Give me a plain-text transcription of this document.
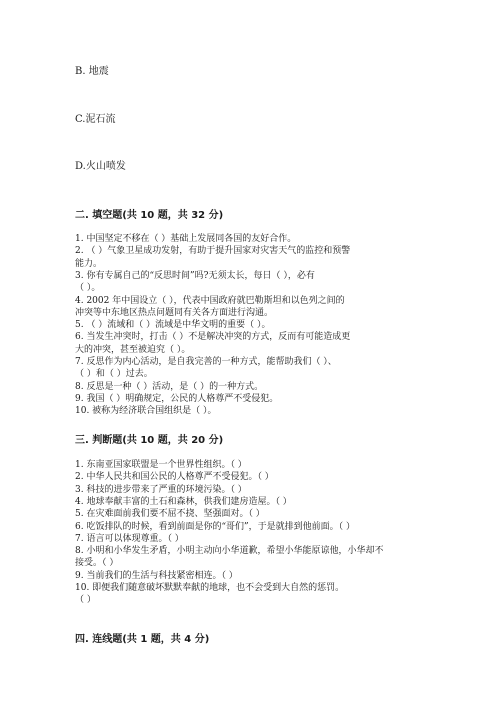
B. 地震
C.泥石流
D.火山喷发
二. 填空题(共 10 题，共 32 分)
1. 中国坚定不移在（ ）基础上发展同各国的友好合作。
2. （ ）气象卫星成功发射，有助于提升国家对灾害天气的监控和预警
能力。
3. 你有专属自己的“反思时间”吗?无须太长，每日（ ），必有
（ ）。
4. 2002 年中国设立（ ），代表中国政府就巴勒斯坦和以色列之间的
冲突等中东地区热点问题同有关各方面进行沟通。
5. （ ）流域和（ ）流域是中华文明的重要（ ）。
6. 当发生冲突时，打击（ ）不是解决冲突的方式，反而有可能造成更
大的冲突，甚至被迫究（ ）。
7. 反思作为内心活动，是自我完善的一种方式，能帮助我们（ ）、
（ ）和（ ）过去。
8. 反思是一种（ ）活动，是（ ）的一种方式。
9. 我国（ ）明确规定，公民的人格尊严不受侵犯。
10. 被称为经济联合国组织是（ ）。
三. 判断题(共 10 题，共 20 分)
1. 东南亚国家联盟是一个世界性组织。（ ）
2. 中华人民共和国公民的人格尊严不受侵犯。（ ）
3. 科技的进步带来了严重的环境污染。（ ）
4. 地球奉献丰富的土石和森林，供我们建房造屋。（ ）
5. 在灾难面前我们要不屈不挠、坚强面对。（ ）
6. 吃饭排队的时候，看到前面是你的“哥们”，于是就排到他前面。（ ）
7. 语言可以体现尊重。（ ）
8. 小明和小华发生矛盾，小明主动向小华道歉，希望小华能原谅他，小华却不
接受。（ ）
9. 当前我们的生活与科技紧密相连。（ ）
10. 即便我们随意破坏默默奉献的地球，也不会受到大自然的惩罚。
（ ）
四. 连线题(共 1 题，共 4 分)
